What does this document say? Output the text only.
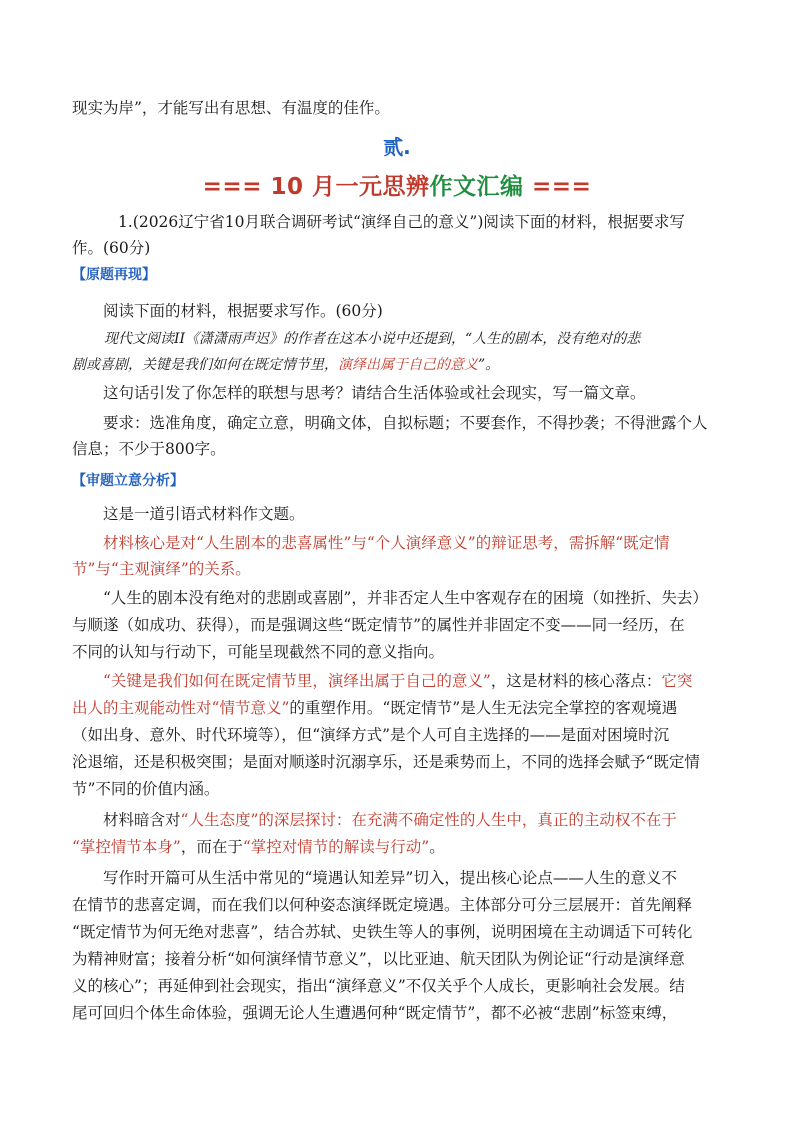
现实为岸”，才能写出有思想、有温度的佳作。
贰.
=== 10 月一元思辨作文汇编 ===
1.(2026辽宁省10月联合调研考试“演绎自己的意义”)阅读下面的材料，根据要求写
作。(60分)
【原题再现】
阅读下面的材料，根据要求写作。(60分)
现代文阅读II《潇潇雨声迟》的作者在这本小说中还提到，“人生的剧本，没有绝对的悲
剧或喜剧，关键是我们如何在既定情节里，演绎出属于自己的意义”。
这句话引发了你怎样的联想与思考？请结合生活体验或社会现实，写一篇文章。
要求：选准角度，确定立意，明确文体，自拟标题；不要套作，不得抄袭；不得泄露个人
信息；不少于800字。
【审题立意分析】
这是一道引语式材料作文题。
材料核心是对“人生剧本的悲喜属性”与“个人演绎意义”的辩证思考，需拆解“既定情
节”与“主观演绎”的关系。
“人生的剧本没有绝对的悲剧或喜剧”，并非否定人生中客观存在的困境（如挫折、失去）
与顺遂（如成功、获得），而是强调这些“既定情节”的属性并非固定不变——同一经历，在
不同的认知与行动下，可能呈现截然不同的意义指向。
“关键是我们如何在既定情节里，演绎出属于自己的意义”，这是材料的核心落点：它突
出人的主观能动性对“情节意义”的重塑作用。“既定情节”是人生无法完全掌控的客观境遇
（如出身、意外、时代环境等），但“演绎方式”是个人可自主选择的——是面对困境时沉
沦退缩，还是积极突围；是面对顺遂时沉溺享乐，还是乘势而上，不同的选择会赋予“既定情
节”不同的价值内涵。
材料暗含对“人生态度”的深层探讨：在充满不确定性的人生中，真正的主动权不在于
“掌控情节本身”，而在于“掌控对情节的解读与行动”。
写作时开篇可从生活中常见的“境遇认知差异”切入，提出核心论点——人生的意义不
在情节的悲喜定调，而在我们以何种姿态演绎既定境遇。主体部分可分三层展开：首先阐释
“既定情节为何无绝对悲喜”，结合苏轼、史铁生等人的事例，说明困境在主动调适下可转化
为精神财富；接着分析“如何演绎情节意义”，以比亚迪、航天团队为例论证“行动是演绎意
义的核心”；再延伸到社会现实，指出“演绎意义”不仅关乎个人成长，更影响社会发展。结
尾可回归个体生命体验，强调无论人生遭遇何种“既定情节”，都不必被“悲剧”标签束缚，
